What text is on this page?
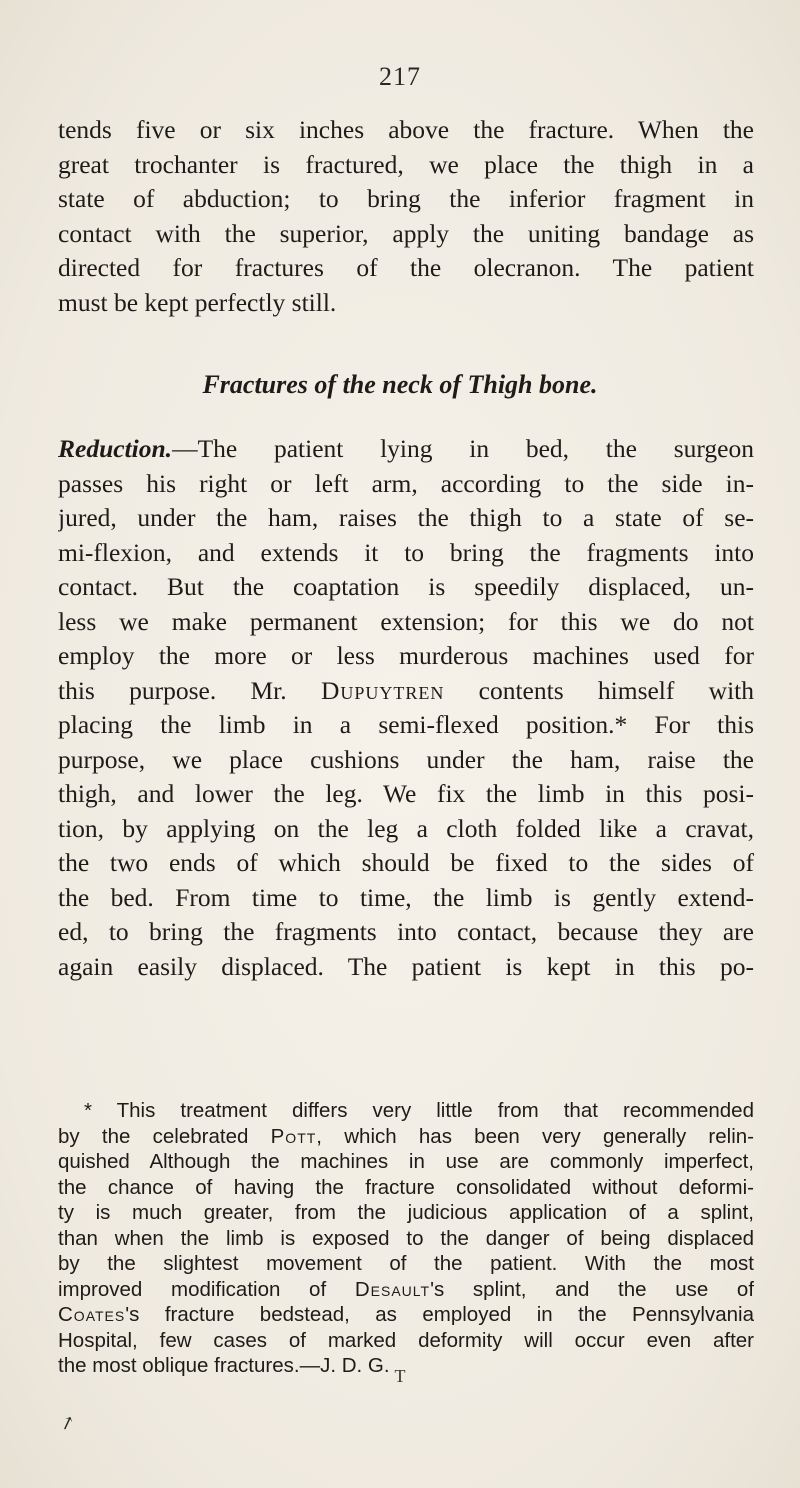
217
tends five or six inches above the fracture. When the
great trochanter is fractured, we place the thigh in a
state of abduction; to bring the inferior fragment in
contact with the superior, apply the uniting bandage as
directed for fractures of the olecranon. The patient
must be kept perfectly still.
Fractures of the neck of Thigh bone.
Reduction.—The patient lying in bed, the surgeon
passes his right or left arm, according to the side in-
jured, under the ham, raises the thigh to a state of se-
mi-flexion, and extends it to bring the fragments into
contact. But the coaptation is speedily displaced, un-
less we make permanent extension; for this we do not
employ the more or less murderous machines used for
this purpose. Mr. Dupuytren contents himself with
placing the limb in a semi-flexed position.* For this
purpose, we place cushions under the ham, raise the
thigh, and lower the leg. We fix the limb in this posi-
tion, by applying on the leg a cloth folded like a cravat,
the two ends of which should be fixed to the sides of
the bed. From time to time, the limb is gently extend-
ed, to bring the fragments into contact, because they are
again easily displaced. The patient is kept in this po-
* This treatment differs very little from that recommended
by the celebrated Pott, which has been very generally relin-
quished Although the machines in use are commonly imperfect,
the chance of having the fracture consolidated without deformi-
ty is much greater, from the judicious application of a splint,
than when the limb is exposed to the danger of being displaced
by the slightest movement of the patient. With the most
improved modification of Desault's splint, and the use of
Coates's fracture bedstead, as employed in the Pennsylvania
Hospital, few cases of marked deformity will occur even after
the most oblique fractures.—J. D. G. T
↗
